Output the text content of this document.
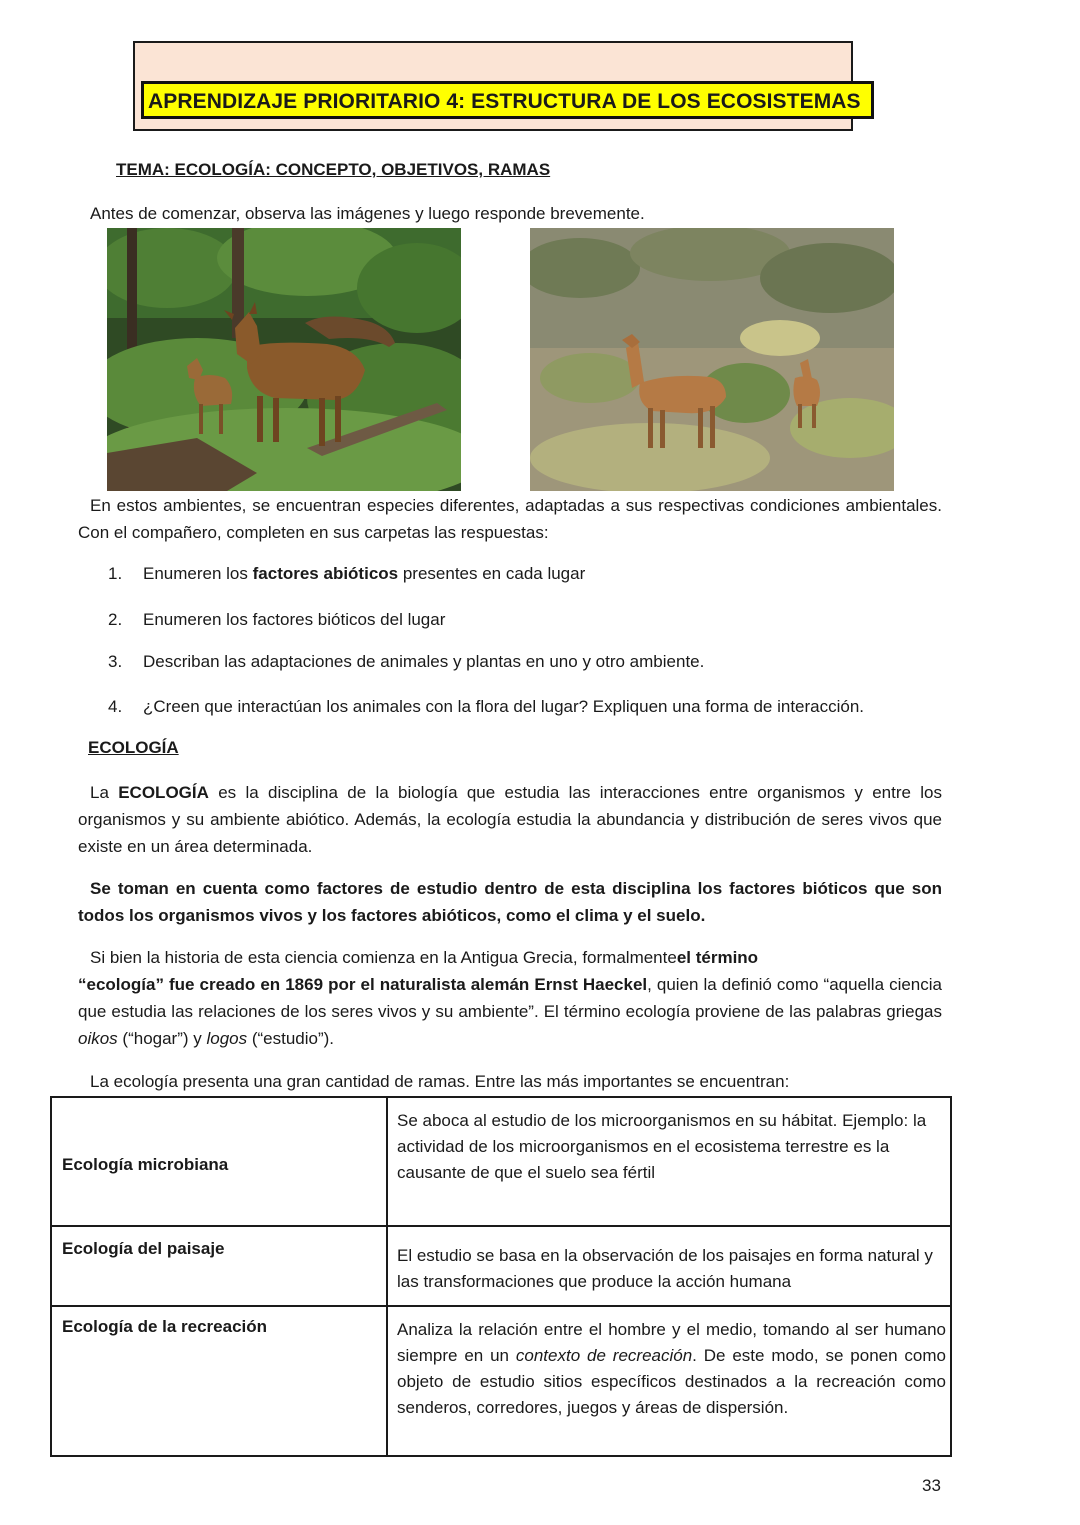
APRENDIZAJE PRIORITARIO 4: ESTRUCTURA DE LOS ECOSISTEMAS
TEMA: ECOLOGÍA: CONCEPTO, OBJETIVOS, RAMAS
Antes de comenzar, observa las imágenes y luego responde brevemente.
En estos ambientes, se encuentran especies diferentes, adaptadas a sus respectivas condiciones ambientales. Con el compañero, completen en sus carpetas las respuestas:
1. Enumeren los factores abióticos presentes en cada lugar
2. Enumeren los factores bióticos del lugar
3. Describan las adaptaciones de animales y plantas en uno y otro ambiente.
4. ¿Creen que interactúan los animales con la flora del lugar? Expliquen una forma de interacción.
ECOLOGÍA
La ECOLOGÍA es la disciplina de la biología que estudia las interacciones entre organismos y entre los organismos y su ambiente abiótico. Además, la ecología estudia la abundancia y distribución de seres vivos que existe en un área determinada.
Se toman en cuenta como factores de estudio dentro de esta disciplina los factores bióticos que son todos los organismos vivos y los factores abióticos, como el clima y el suelo.
Si bien la historia de esta ciencia comienza en la Antigua Grecia, formalmenteel término
“ecología” fue creado en 1869 por el naturalista alemán Ernst Haeckel, quien la definió como “aquella ciencia que estudia las relaciones de los seres vivos y su ambiente”. El término ecología proviene de las palabras griegas oikos (“hogar”) y logos (“estudio”).
La ecología presenta una gran cantidad de ramas. Entre las más importantes se encuentran:
Ecología microbiana	Se aboca al estudio de los microorganismos en su hábitat. Ejemplo: la actividad de los microorganismos en el ecosistema terrestre es la causante de que el suelo sea fértil

Ecología del paisaje	El estudio se basa en la observación de los paisajes en forma natural y las transformaciones que produce la acción humana

Ecología de la recreación	Analiza la relación entre el hombre y el medio, tomando al ser humano siempre en un contexto de recreación. De este modo, se ponen como objeto de estudio sitios específicos destinados a la recreación como senderos, corredores, juegos y áreas de dispersión.
33
